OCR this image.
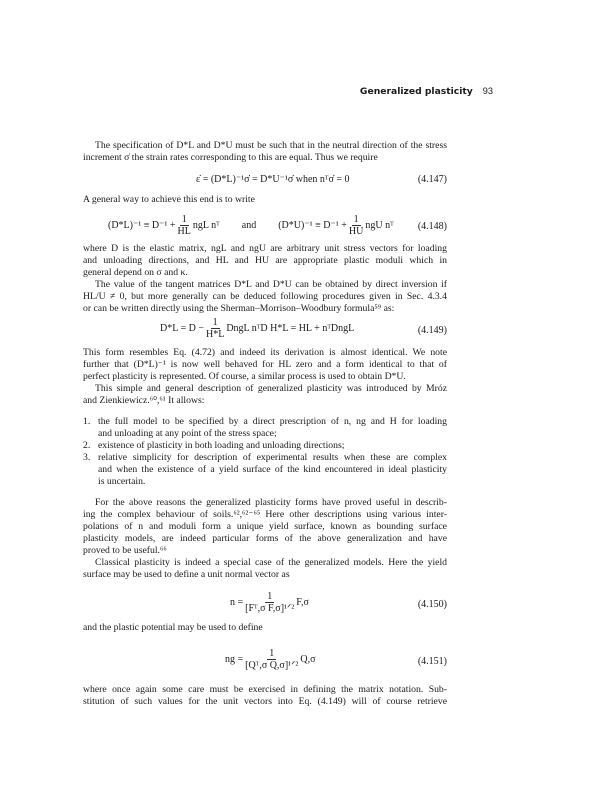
Generalized plasticity 93
The specification of D*L and D*U must be such that in the neutral direction of the stress
increment σ̇ the strain rates corresponding to this are equal. Thus we require
ε̇ = (D*L)⁻¹σ̇ = D*U⁻¹σ̇ when nᵀσ̇ = 0	(4.147)
A general way to achieve this end is to write
$(D*L)^{-1} \equiv D^{-1} + \frac{1}{HL}$ ngL nᵀ and $(D*U)^{-1} \equiv D^{-1} + \frac{1}{HU}$ ngU nᵀ (4.148)
where D is the elastic matrix, ngL and ngU are arbitrary unit stress vectors for loading
and unloading directions, and HL and HU are appropriate plastic moduli which in
general depend on σ and κ.
The value of the tangent matrices D*L and D*U can be obtained by direct inversion if
HL/U ≠ 0, but more generally can be deduced following procedures given in Sec. 4.3.4
or can be written directly using the Sherman–Morrison–Woodbury formula⁵⁹ as:
$D*L = D - \frac{1}{H*L}$ DngL nᵀD H*L = HL + nᵀDngL	(4.149)
This form resembles Eq. (4.72) and indeed its derivation is almost identical. We note
further that (D*L)⁻¹ is now well behaved for HL zero and a form identical to that of
perfect plasticity is represented. Of course, a similar process is used to obtain D*U.
This simple and general description of generalized plasticity was introduced by Mróz
and Zienkiewicz.⁶⁰,⁶¹ It allows:
1. the full model to be specified by a direct prescription of n, ng and H for loading
and unloading at any point of the stress space;
2. existence of plasticity in both loading and unloading directions;
3. relative simplicity for description of experimental results when these are complex
and when the existence of a yield surface of the kind encountered in ideal plasticity
is uncertain.
For the above reasons the generalized plasticity forms have proved useful in describ-
ing the complex behaviour of soils.⁶²,⁶²⁻⁶⁵ Here other descriptions using various inter-
polations of n and moduli form a unique yield surface, known as bounding surface
plasticity models, are indeed particular forms of the above generalization and have
proved to be useful.⁶⁶
Classical plasticity is indeed a special case of the generalized models. Here the yield
surface may be used to define a unit normal vector as
$n = \frac{1}{\text{[Fᵀ,σ F,σ]¹ᐟ²}} F,\sigma$	(4.150)
and the plastic potential may be used to define
ng = $\frac{1}{\text{[Qᵀ,σ Q,σ]¹ᐟ²}} Q,\sigma$	(4.151)
where once again some care must be exercised in defining the matrix notation. Sub-
stitution of such values for the unit vectors into Eq. (4.149) will of course retrieve
